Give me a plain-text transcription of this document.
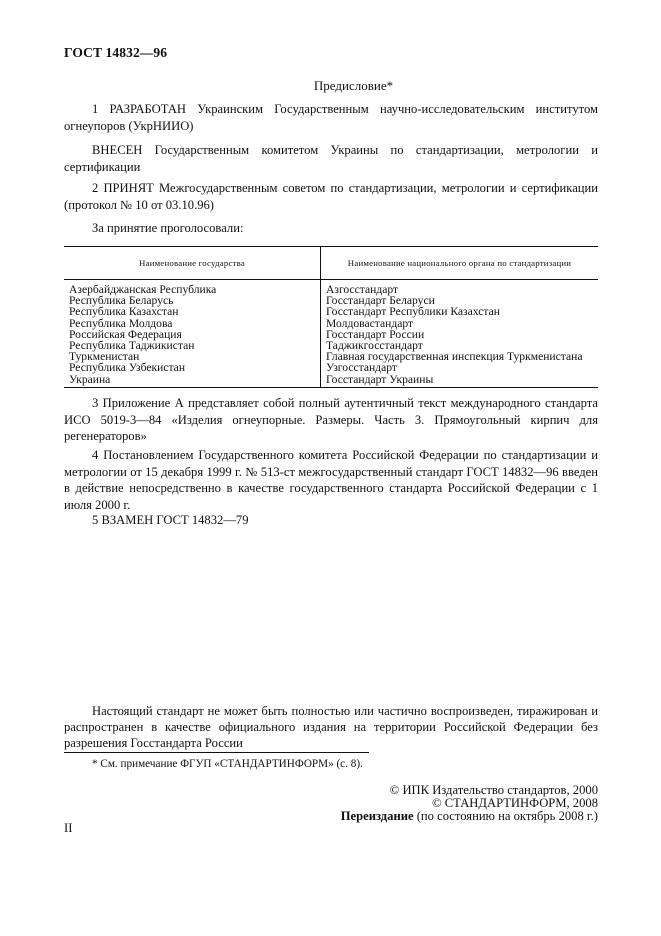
ГОСТ 14832—96
Предисловие*

1 РАЗРАБОТАН Украинским Государственным научно-исследовательским институтом огнеупоров (УкрНИИО)

ВНЕСЕН Государственным комитетом Украины по стандартизации, метрологии и сертификации

2 ПРИНЯТ Межгосударственным советом по стандартизации, метрологии и сертификации (протокол № 10 от 03.10.96)

За принятие проголосовали:

Наименование государства	Наименование национального органа по стандартизации
Азербайджанская Республика	Азгосстандарт
Республика Беларусь	Госстандарт Беларуси
Республика Казахстан	Госстандарт Республики Казахстан
Республика Молдова	Молдовастандарт
Российская Федерация	Госстандарт России
Республика Таджикистан	Таджикгосстандарт
Туркменистан	Главная государственная инспекция Туркменистана
Республика Узбекистан	Узгосстандарт
Украина	Госстандарт Украины

3 Приложение А представляет собой полный аутентичный текст международного стандарта ИСО 5019-3—84 «Изделия огнеупорные. Размеры. Часть 3. Прямоугольный кирпич для регенераторов»

4 Постановлением Государственного комитета Российской Федерации по стандартизации и метрологии от 15 декабря 1999 г. № 513-ст межгосударственный стандарт ГОСТ 14832—96 введен в действие непосредственно в качестве государственного стандарта Российской Федерации с 1 июля 2000 г.

5 ВЗАМЕН ГОСТ 14832—79

Настоящий стандарт не может быть полностью или частично воспроизведен, тиражирован и распространен в качестве официального издания на территории Российской Федерации без разрешения Госстандарта России

* См. примечание ФГУП «СТАНДАРТИНФОРМ» (с. 8).
© ИПК Издательство стандартов, 2000
© СТАНДАРТИНФОРМ, 2008
Переиздание (по состоянию на октябрь 2008 г.)
II
